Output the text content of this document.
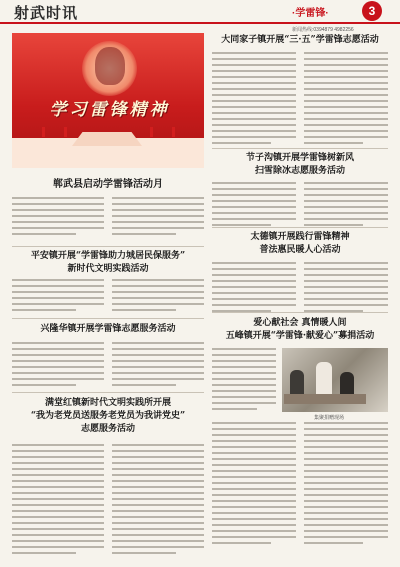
射武时讯	·学雷锋·	3
新闻热线:0394879 4982256
学习雷锋精神
郸武县启动学雷锋活动月
平安镇开展“学雷锋助力城居民保服务”
新时代文明实践活动
兴隆华镇开展学雷锋志愿服务活动
满堂红镇新时代文明实践所开展
“我为老党员送服务老党员为我讲党史”
志愿服务活动
大同家子镇开展“三·五”学雷锋志愿活动
节子沟镇开展学雷锋树新风
扫雪除冰志愿服务活动
太德镇开展践行雷锋精神
普法惠民暖人心活动
爱心献社会 真情暖人间
五峰镇开展“学雷锋·献爱心”募捐活动
集聚捐赠现场
